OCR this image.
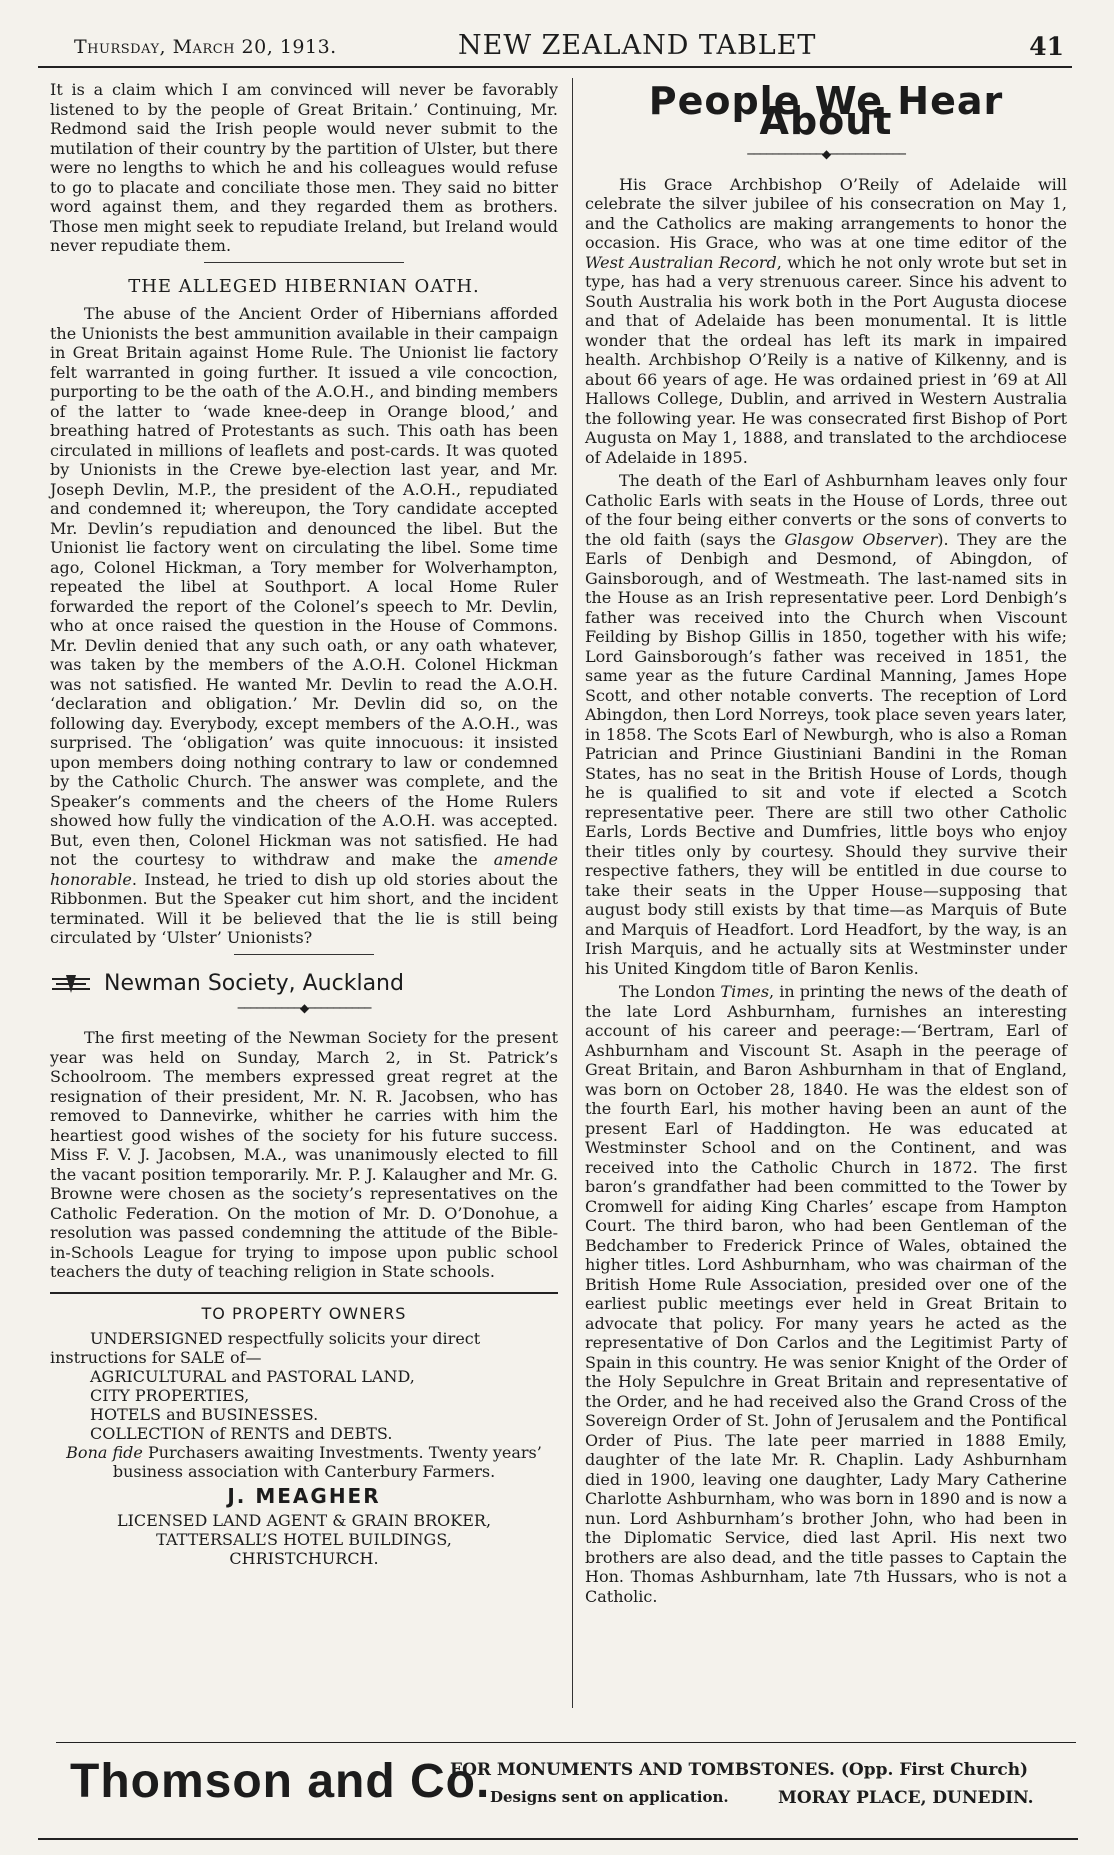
Thursday, March 20, 1913.	NEW ZEALAND TABLET	41

It is a claim which I am convinced will never be favorably listened to by the people of Great Britain.’ Continuing, Mr. Redmond said the Irish people would never submit to the mutilation of their country by the partition of Ulster, but there were no lengths to which he and his colleagues would refuse to go to placate and conciliate those men. They said no bitter word against them, and they regarded them as brothers. Those men might seek to repudiate Ireland, but Ireland would never repudiate them.

THE ALLEGED HIBERNIAN OATH.

The abuse of the Ancient Order of Hibernians afforded the Unionists the best ammunition available in their campaign in Great Britain against Home Rule. The Unionist lie factory felt warranted in going further. It issued a vile concoction, purporting to be the oath of the A.O.H., and binding members of the latter to ‘wade knee-deep in Orange blood,’ and breathing hatred of Protestants as such. This oath has been circulated in millions of leaflets and post-cards. It was quoted by Unionists in the Crewe bye-election last year, and Mr. Joseph Devlin, M.P., the president of the A.O.H., repudiated and condemned it; whereupon, the Tory candidate accepted Mr. Devlin’s repudiation and denounced the libel. But the Unionist lie factory went on circulating the libel. Some time ago, Colonel Hickman, a Tory member for Wolverhampton, repeated the libel at Southport. A local Home Ruler forwarded the report of the Colonel’s speech to Mr. Devlin, who at once raised the question in the House of Commons. Mr. Devlin denied that any such oath, or any oath whatever, was taken by the members of the A.O.H. Colonel Hickman was not satisfied. He wanted Mr. Devlin to read the A.O.H. ‘declaration and obligation.’ Mr. Devlin did so, on the following day. Everybody, except members of the A.O.H., was surprised. The ‘obligation’ was quite innocuous: it insisted upon members doing nothing contrary to law or condemned by the Catholic Church. The answer was complete, and the Speaker’s comments and the cheers of the Home Rulers showed how fully the vindication of the A.O.H. was accepted. But, even then, Colonel Hickman was not satisfied. He had not the courtesy to withdraw and make the amende honorable. Instead, he tried to dish up old stories about the Ribbonmen. But the Speaker cut him short, and the incident terminated. Will it be believed that the lie is still being circulated by ‘Ulster’ Unionists?

Newman Society, Auckland
──────────◆──────────

The first meeting of the Newman Society for the present year was held on Sunday, March 2, in St. Patrick’s Schoolroom. The members expressed great regret at the resignation of their president, Mr. N. R. Jacobsen, who has removed to Dannevirke, whither he carries with him the heartiest good wishes of the society for his future success. Miss F. V. J. Jacobsen, M.A., was unanimously elected to fill the vacant position temporarily. Mr. P. J. Kalaugher and Mr. G. Browne were chosen as the society’s representatives on the Catholic Federation. On the motion of Mr. D. O’Donohue, a resolution was passed condemning the attitude of the Bible-in-Schools League for trying to impose upon public school teachers the duty of teaching religion in State schools.

TO PROPERTY OWNERS
UNDERSIGNED respectfully solicits your direct instructions for SALE of—
AGRICULTURAL and PASTORAL LAND,
CITY PROPERTIES,
HOTELS and BUSINESSES.
COLLECTION of RENTS and DEBTS.
Bona fide Purchasers awaiting Investments. Twenty years’ business association with Canterbury Farmers.
J. MEAGHER
LICENSED LAND AGENT & GRAIN BROKER,
TATTERSALL’S HOTEL BUILDINGS,
CHRISTCHURCH.
People We Hear About
────────────◆────────────

His Grace Archbishop O’Reily of Adelaide will celebrate the silver jubilee of his consecration on May 1, and the Catholics are making arrangements to honor the occasion. His Grace, who was at one time editor of the West Australian Record, which he not only wrote but set in type, has had a very strenuous career. Since his advent to South Australia his work both in the Port Augusta diocese and that of Adelaide has been monumental. It is little wonder that the ordeal has left its mark in impaired health. Archbishop O’Reily is a native of Kilkenny, and is about 66 years of age. He was ordained priest in ’69 at All Hallows College, Dublin, and arrived in Western Australia the following year. He was consecrated first Bishop of Port Augusta on May 1, 1888, and translated to the archdiocese of Adelaide in 1895.

The death of the Earl of Ashburnham leaves only four Catholic Earls with seats in the House of Lords, three out of the four being either converts or the sons of converts to the old faith (says the Glasgow Observer). They are the Earls of Denbigh and Desmond, of Abingdon, of Gainsborough, and of Westmeath. The last-named sits in the House as an Irish representative peer. Lord Denbigh’s father was received into the Church when Viscount Feilding by Bishop Gillis in 1850, together with his wife; Lord Gainsborough’s father was received in 1851, the same year as the future Cardinal Manning, James Hope Scott, and other notable converts. The reception of Lord Abingdon, then Lord Norreys, took place seven years later, in 1858. The Scots Earl of Newburgh, who is also a Roman Patrician and Prince Giustiniani Bandini in the Roman States, has no seat in the British House of Lords, though he is qualified to sit and vote if elected a Scotch representative peer. There are still two other Catholic Earls, Lords Bective and Dumfries, little boys who enjoy their titles only by courtesy. Should they survive their respective fathers, they will be entitled in due course to take their seats in the Upper House—supposing that august body still exists by that time—as Marquis of Bute and Marquis of Headfort. Lord Headfort, by the way, is an Irish Marquis, and he actually sits at Westminster under his United Kingdom title of Baron Kenlis.

The London Times, in printing the news of the death of the late Lord Ashburnham, furnishes an interesting account of his career and peerage:—‘Bertram, Earl of Ashburnham and Viscount St. Asaph in the peerage of Great Britain, and Baron Ashburnham in that of England, was born on October 28, 1840. He was the eldest son of the fourth Earl, his mother having been an aunt of the present Earl of Haddington. He was educated at Westminster School and on the Continent, and was received into the Catholic Church in 1872. The first baron’s grandfather had been committed to the Tower by Cromwell for aiding King Charles’ escape from Hampton Court. The third baron, who had been Gentleman of the Bedchamber to Frederick Prince of Wales, obtained the higher titles. Lord Ashburnham, who was chairman of the British Home Rule Association, presided over one of the earliest public meetings ever held in Great Britain to advocate that policy. For many years he acted as the representative of Don Carlos and the Legitimist Party of Spain in this country. He was senior Knight of the Order of the Holy Sepulchre in Great Britain and representative of the Order, and he had received also the Grand Cross of the Sovereign Order of St. John of Jerusalem and the Pontifical Order of Pius. The late peer married in 1888 Emily, daughter of the late Mr. R. Chaplin. Lady Ashburnham died in 1900, leaving one daughter, Lady Mary Catherine Charlotte Ashburnham, who was born in 1890 and is now a nun. Lord Ashburnham’s brother John, who had been in the Diplomatic Service, died last April. His next two brothers are also dead, and the title passes to Captain the Hon. Thomas Ashburnham, late 7th Hussars, who is not a Catholic.

Thomson and Co.
FOR MONUMENTS AND TOMBSTONES. (Opp. First Church)
Designs sent on application.	MORAY PLACE, DUNEDIN.
